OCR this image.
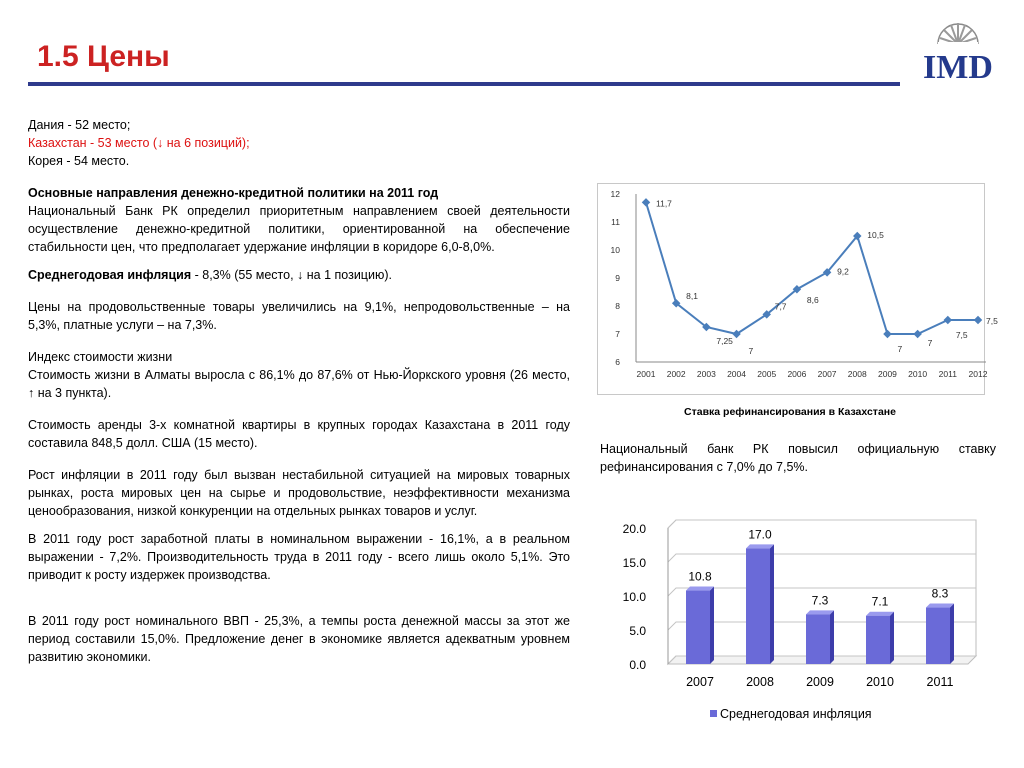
1.5 Цены	IMD

Дания - 52 место;

Казахстан - 53 место (↓ на 6 позиций);

Корея - 54 место.

Основные направления денежно-кредитной политики на 2011 год

Национальный Банк РК определил приоритетным направлением своей деятельности осуществление денежно-кредитной политики, ориентированной на обеспечение стабильности цен, что предполагает удержание инфляции в коридоре 6,0-8,0%.

Среднегодовая инфляция - 8,3% (55 место, ↓ на 1 позицию).

Цены на продовольственные товары увеличились на 9,1%, непродовольственные – на 5,3%, платные услуги – на 7,3%.

Индекс стоимости жизни

Стоимость жизни в Алматы выросла с 86,1% до 87,6% от Нью-Йоркского уровня (26 место, ↑ на 3 пункта).

Стоимость аренды 3-х комнатной квартиры в крупных городах Казахстана в 2011 году составила 848,5 долл. США (15 место).

Рост инфляции в 2011 году был вызван нестабильной ситуацией на мировых товарных рынках, роста мировых цен на сырье и продовольствие, неэффективности механизма ценообразования, низкой конкуренции на отдельных рынках товаров и услуг.

В 2011 году рост заработной платы в номинальном выражении - 16,1%, а в реальном выражении - 7,2%. Производительность труда в 2011 году - всего лишь около 5,1%. Это приводит к росту издержек производства.

В 2011 году рост номинального ВВП - 25,3%, а темпы роста денежной массы за этот же период составили 15,0%. Предложение денег в экономике является адекватным уровнем развитию экономики.

6
7
8
9
10
11
12
2001 2002 2003 2004 2005 2006 2007 2008 2009 2010 2011 2012
11,7
8,1
7,25
7
7,7
8,6
9,2
10,5
7
7
7,5
7,5
Ставка рефинансирования в Казахстане
Национальный банк РК повысил официальную ставку рефинансирования с 7,0% до 7,5%.
0.0
5.0
10.0
15.0
20.0
10.8
2007
17.0
2008
7.3
2009
7.1
2010
8.3
2011
Среднегодовая инфляция
